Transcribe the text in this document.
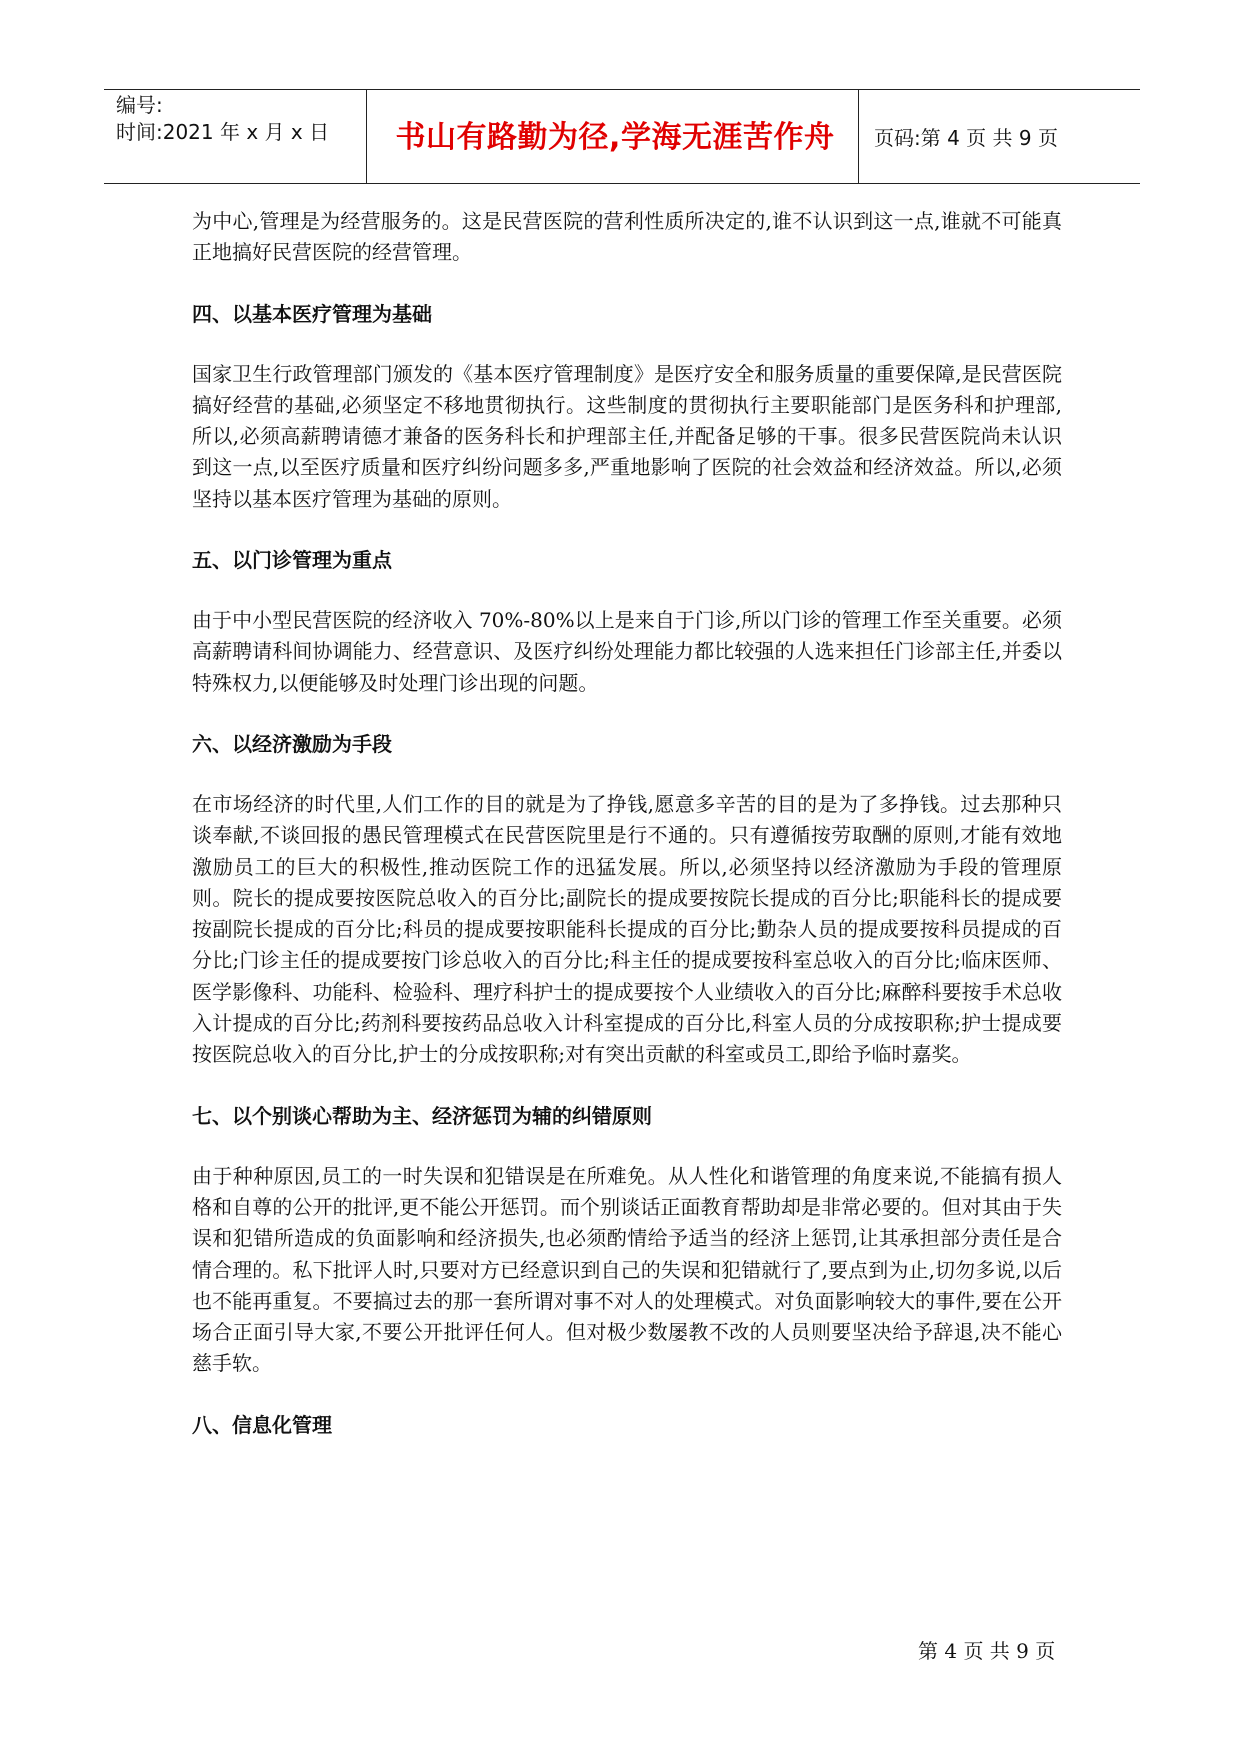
编号:
时间:2021 年 x 月 x 日	书山有路勤为径,学海无涯苦作舟	页码:第 4 页 共 9 页

为中心,管理是为经营服务的。这是民营医院的营利性质所决定的,谁不认识到这一点,谁就不可能真正地搞好民营医院的经营管理。

四、以基本医疗管理为基础

国家卫生行政管理部门颁发的《基本医疗管理制度》是医疗安全和服务质量的重要保障,是民营医院搞好经营的基础,必须坚定不移地贯彻执行。这些制度的贯彻执行主要职能部门是医务科和护理部,所以,必须高薪聘请德才兼备的医务科长和护理部主任,并配备足够的干事。很多民营医院尚未认识到这一点,以至医疗质量和医疗纠纷问题多多,严重地影响了医院的社会效益和经济效益。所以,必须坚持以基本医疗管理为基础的原则。

五、以门诊管理为重点

由于中小型民营医院的经济收入 70%-80%以上是来自于门诊,所以门诊的管理工作至关重要。必须高薪聘请科间协调能力、经营意识、及医疗纠纷处理能力都比较强的人选来担任门诊部主任,并委以特殊权力,以便能够及时处理门诊出现的问题。

六、以经济激励为手段

在市场经济的时代里,人们工作的目的就是为了挣钱,愿意多辛苦的目的是为了多挣钱。过去那种只谈奉献,不谈回报的愚民管理模式在民营医院里是行不通的。只有遵循按劳取酬的原则,才能有效地激励员工的巨大的积极性,推动医院工作的迅猛发展。所以,必须坚持以经济激励为手段的管理原则。院长的提成要按医院总收入的百分比;副院长的提成要按院长提成的百分比;职能科长的提成要按副院长提成的百分比;科员的提成要按职能科长提成的百分比;勤杂人员的提成要按科员提成的百分比;门诊主任的提成要按门诊总收入的百分比;科主任的提成要按科室总收入的百分比;临床医师、医学影像科、功能科、检验科、理疗科护士的提成要按个人业绩收入的百分比;麻醉科要按手术总收入计提成的百分比;药剂科要按药品总收入计科室提成的百分比,科室人员的分成按职称;护士提成要按医院总收入的百分比,护士的分成按职称;对有突出贡献的科室或员工,即给予临时嘉奖。

七、以个别谈心帮助为主、经济惩罚为辅的纠错原则

由于种种原因,员工的一时失误和犯错误是在所难免。从人性化和谐管理的角度来说,不能搞有损人格和自尊的公开的批评,更不能公开惩罚。而个别谈话正面教育帮助却是非常必要的。但对其由于失误和犯错所造成的负面影响和经济损失,也必须酌情给予适当的经济上惩罚,让其承担部分责任是合情合理的。私下批评人时,只要对方已经意识到自己的失误和犯错就行了,要点到为止,切勿多说,以后也不能再重复。不要搞过去的那一套所谓对事不对人的处理模式。对负面影响较大的事件,要在公开场合正面引导大家,不要公开批评任何人。但对极少数屡教不改的人员则要坚决给予辞退,决不能心慈手软。

八、信息化管理

第 4 页 共 9 页
